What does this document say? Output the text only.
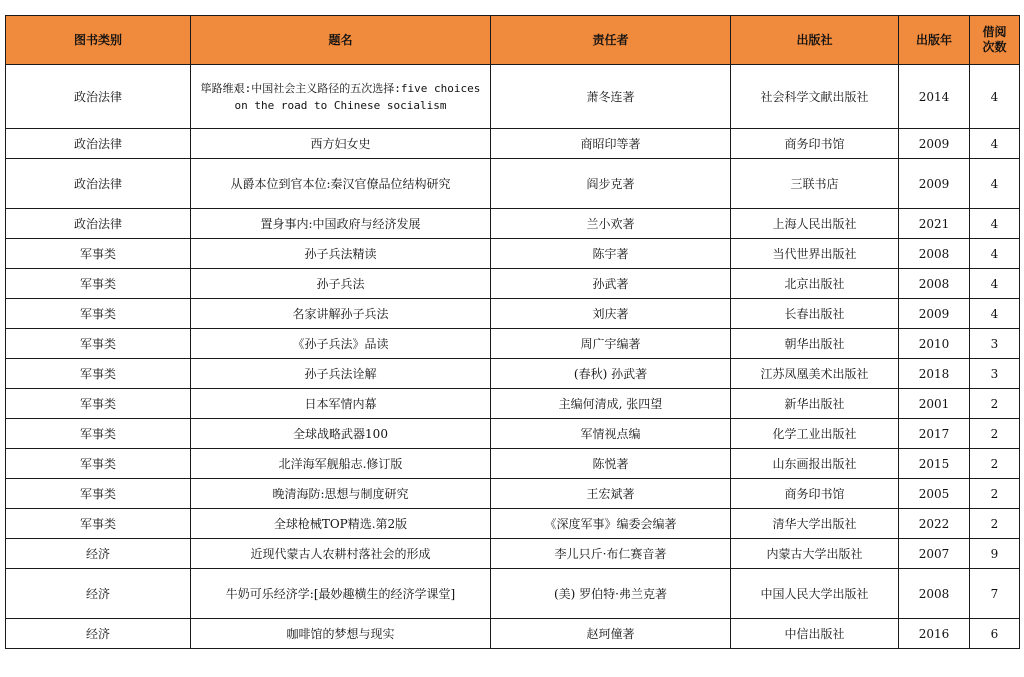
图书类别	题名	责任者	出版社	出版年	借阅
次数

政治法律	筚路维艰:中国社会主义路径的五次选择:five choices on the road to Chinese socialism	萧冬连著	社会科学文献出版社	2014	4
政治法律	西方妇女史	商昭印等著	商务印书馆	2009	4
政治法律	从爵本位到官本位:秦汉官僚品位结构研究	阎步克著	三联书店	2009	4
政治法律	置身事内:中国政府与经济发展	兰小欢著	上海人民出版社	2021	4
军事类	孙子兵法精读	陈宇著	当代世界出版社	2008	4
军事类	孙子兵法	孙武著	北京出版社	2008	4
军事类	名家讲解孙子兵法	刘庆著	长春出版社	2009	4
军事类	《孙子兵法》品读	周广宇编著	朝华出版社	2010	3
军事类	孙子兵法诠解	(春秋) 孙武著	江苏凤凰美术出版社	2018	3
军事类	日本军情内幕	主编何清成, 张四望	新华出版社	2001	2
军事类	全球战略武器100	军情视点编	化学工业出版社	2017	2
军事类	北洋海军舰船志.修订版	陈悦著	山东画报出版社	2015	2
军事类	晚清海防:思想与制度研究	王宏斌著	商务印书馆	2005	2
军事类	全球枪械TOP精选.第2版	《深度军事》编委会编著	清华大学出版社	2022	2
经济	近现代蒙古人农耕村落社会的形成	李儿只斤·布仁赛音著	内蒙古大学出版社	2007	9
经济	牛奶可乐经济学:[最妙趣横生的经济学课堂]	(美) 罗伯特·弗兰克著	中国人民大学出版社	2008	7
经济	咖啡馆的梦想与现实	赵珂僮著	中信出版社	2016	6
